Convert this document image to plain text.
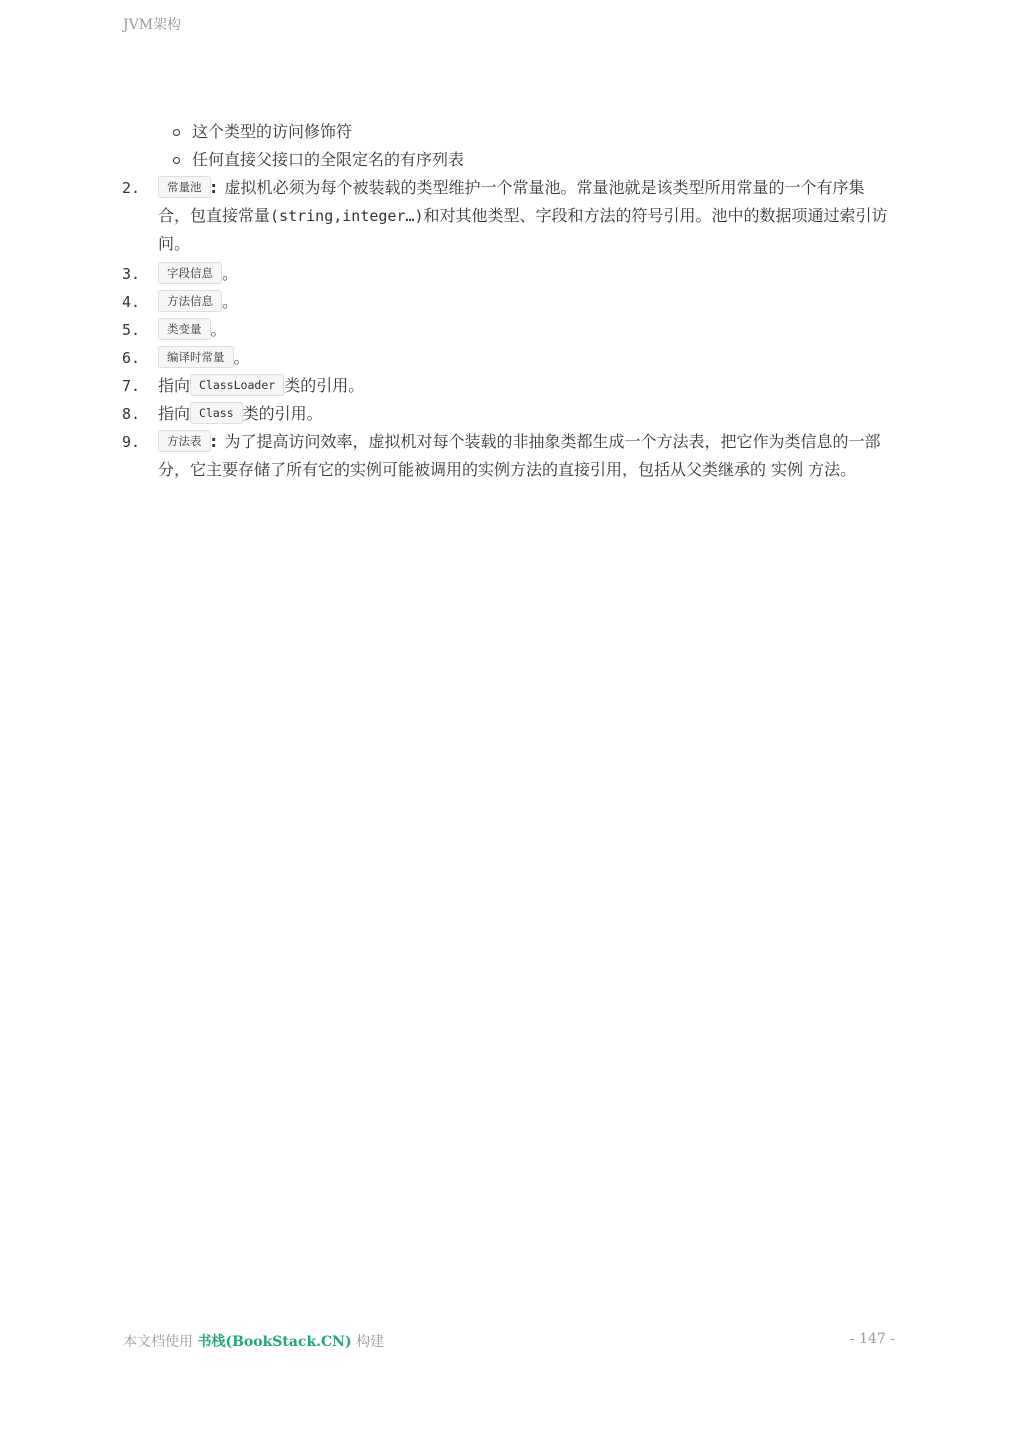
JVM架构
这个类型的访问修饰符
任何直接父接口的全限定名的有序列表
2. 常量池 : 虚拟机必须为每个被装载的类型维护一个常量池。常量池就是该类型所用常量的一个有序集合，包直接常量(string,integer…)和对其他类型、字段和方法的符号引用。池中的数据项通过索引访问。
3. 字段信息 。
4. 方法信息 。
5. 类变量 。
6. 编译时常量 。
7. 指向 ClassLoader 类的引用。
8. 指向 Class 类的引用。
9. 方法表 : 为了提高访问效率，虚拟机对每个装载的非抽象类都生成一个方法表，把它作为类信息的一部分，它主要存储了所有它的实例可能被调用的实例方法的直接引用，包括从父类继承的 实例 方法。
本文档使用 书栈(BookStack.CN) 构建	- 147 -
